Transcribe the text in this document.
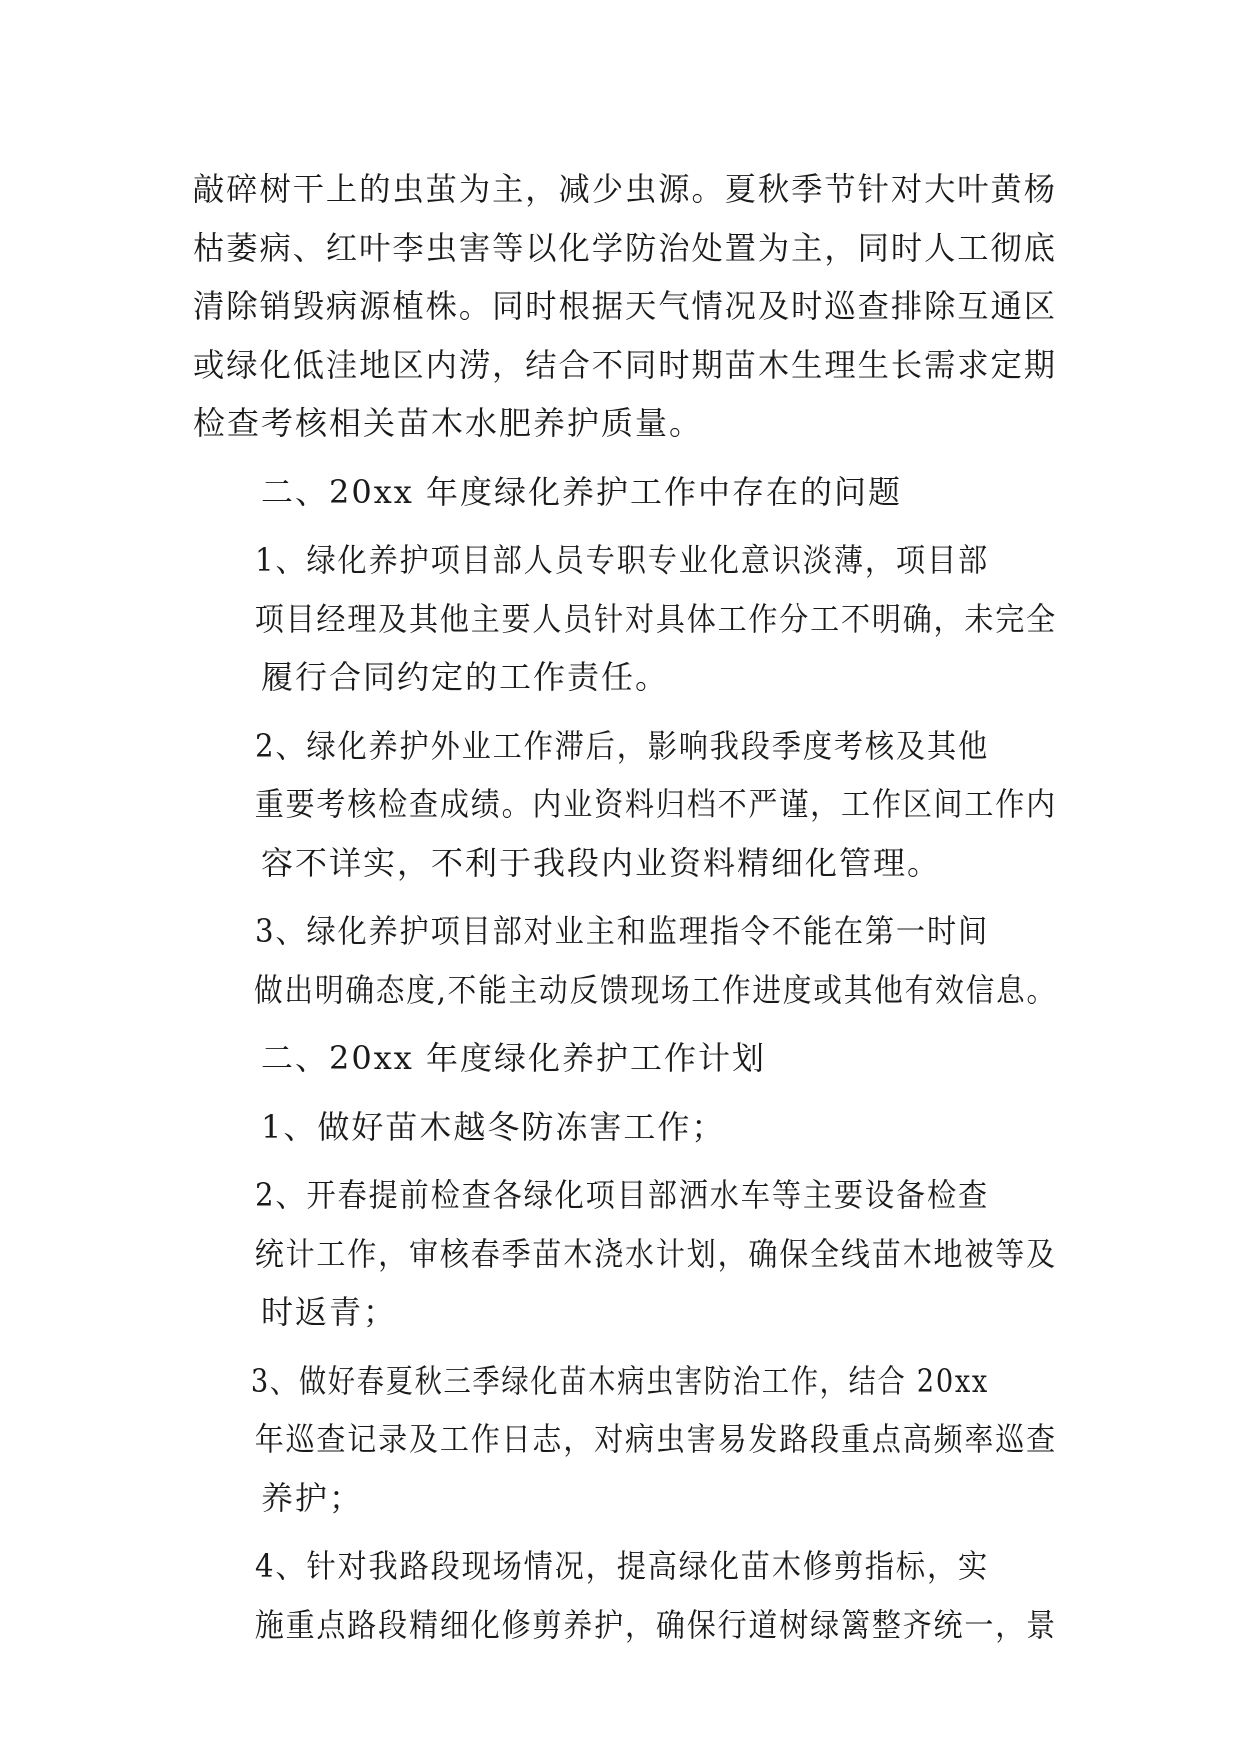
敲碎树干上的虫茧为主，减少虫源。夏秋季节针对大叶黄杨
枯萎病、红叶李虫害等以化学防治处置为主，同时人工彻底
清除销毁病源植株。同时根据天气情况及时巡查排除互通区
或绿化低洼地区内涝，结合不同时期苗木生理生长需求定期
检查考核相关苗木水肥养护质量。
二、20xx 年度绿化养护工作中存在的问题
1、绿化养护项目部人员专职专业化意识淡薄，项目部
项目经理及其他主要人员针对具体工作分工不明确，未完全
履行合同约定的工作责任。
2、绿化养护外业工作滞后，影响我段季度考核及其他
重要考核检查成绩。内业资料归档不严谨，工作区间工作内
容不详实，不利于我段内业资料精细化管理。
3、绿化养护项目部对业主和监理指令不能在第一时间
做出明确态度,不能主动反馈现场工作进度或其他有效信息。
二、20xx 年度绿化养护工作计划
1、做好苗木越冬防冻害工作；
2、开春提前检查各绿化项目部洒水车等主要设备检查
统计工作，审核春季苗木浇水计划，确保全线苗木地被等及
时返青；
3、做好春夏秋三季绿化苗木病虫害防治工作，结合 20xx
年巡查记录及工作日志，对病虫害易发路段重点高频率巡查
养护；
4、针对我路段现场情况，提高绿化苗木修剪指标，实
施重点路段精细化修剪养护，确保行道树绿篱整齐统一，景
